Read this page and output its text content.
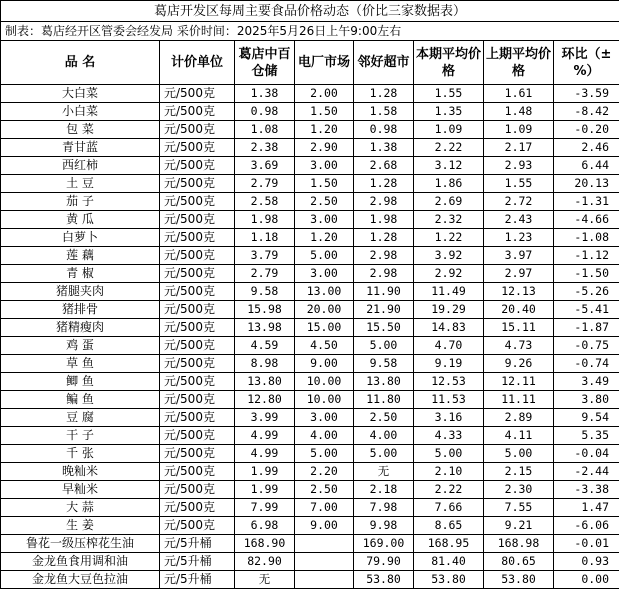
葛店开发区每周主要食品价格动态（价比三家数据表）							
制表：葛店经开区管委会经发局 采价时间：2025年5月26日上午9:00左右							
品 名	计价单位	葛店中百仓储	电厂市场	邻好超市	本期平均价格	上期平均价格	环比（±%）
大白菜	元/500克	1.38	2.00	1.28	1.55	1.61	-3.59
小白菜	元/500克	0.98	1.50	1.58	1.35	1.48	-8.42
包 菜	元/500克	1.08	1.20	0.98	1.09	1.09	-0.20
青甘蓝	元/500克	2.38	2.90	1.38	2.22	2.17	2.46
西红柿	元/500克	3.69	3.00	2.68	3.12	2.93	6.44
土 豆	元/500克	2.79	1.50	1.28	1.86	1.55	20.13
茄 子	元/500克	2.58	2.50	2.98	2.69	2.72	-1.31
黄 瓜	元/500克	1.98	3.00	1.98	2.32	2.43	-4.66
白萝卜	元/500克	1.18	1.20	1.28	1.22	1.23	-1.08
莲 藕	元/500克	3.79	5.00	2.98	3.92	3.97	-1.12
青 椒	元/500克	2.79	3.00	2.98	2.92	2.97	-1.50
猪腿夹肉	元/500克	9.58	13.00	11.90	11.49	12.13	-5.26
猪排骨	元/500克	15.98	20.00	21.90	19.29	20.40	-5.41
猪精瘦肉	元/500克	13.98	15.00	15.50	14.83	15.11	-1.87
鸡 蛋	元/500克	4.59	4.50	5.00	4.70	4.73	-0.75
草 鱼	元/500克	8.98	9.00	9.58	9.19	9.26	-0.74
鲫 鱼	元/500克	13.80	10.00	13.80	12.53	12.11	3.49
鳊 鱼	元/500克	12.80	10.00	11.80	11.53	11.11	3.80
豆 腐	元/500克	3.99	3.00	2.50	3.16	2.89	9.54
干 子	元/500克	4.99	4.00	4.00	4.33	4.11	5.35
千 张	元/500克	4.99	5.00	5.00	5.00	5.00	-0.04
晚籼米	元/500克	1.99	2.20	无	2.10	2.15	-2.44
早籼米	元/500克	1.99	2.50	2.18	2.22	2.30	-3.38
大 蒜	元/500克	7.99	7.00	7.98	7.66	7.55	1.47
生 姜	元/500克	6.98	9.00	9.98	8.65	9.21	-6.06
鲁花一级压榨花生油	元/5升桶	168.90		169.00	168.95	168.98	-0.01
金龙鱼食用调和油	元/5升桶	82.90		79.90	81.40	80.65	0.93
金龙鱼大豆色拉油	元/5升桶	无		53.80	53.80	53.80	0.00
